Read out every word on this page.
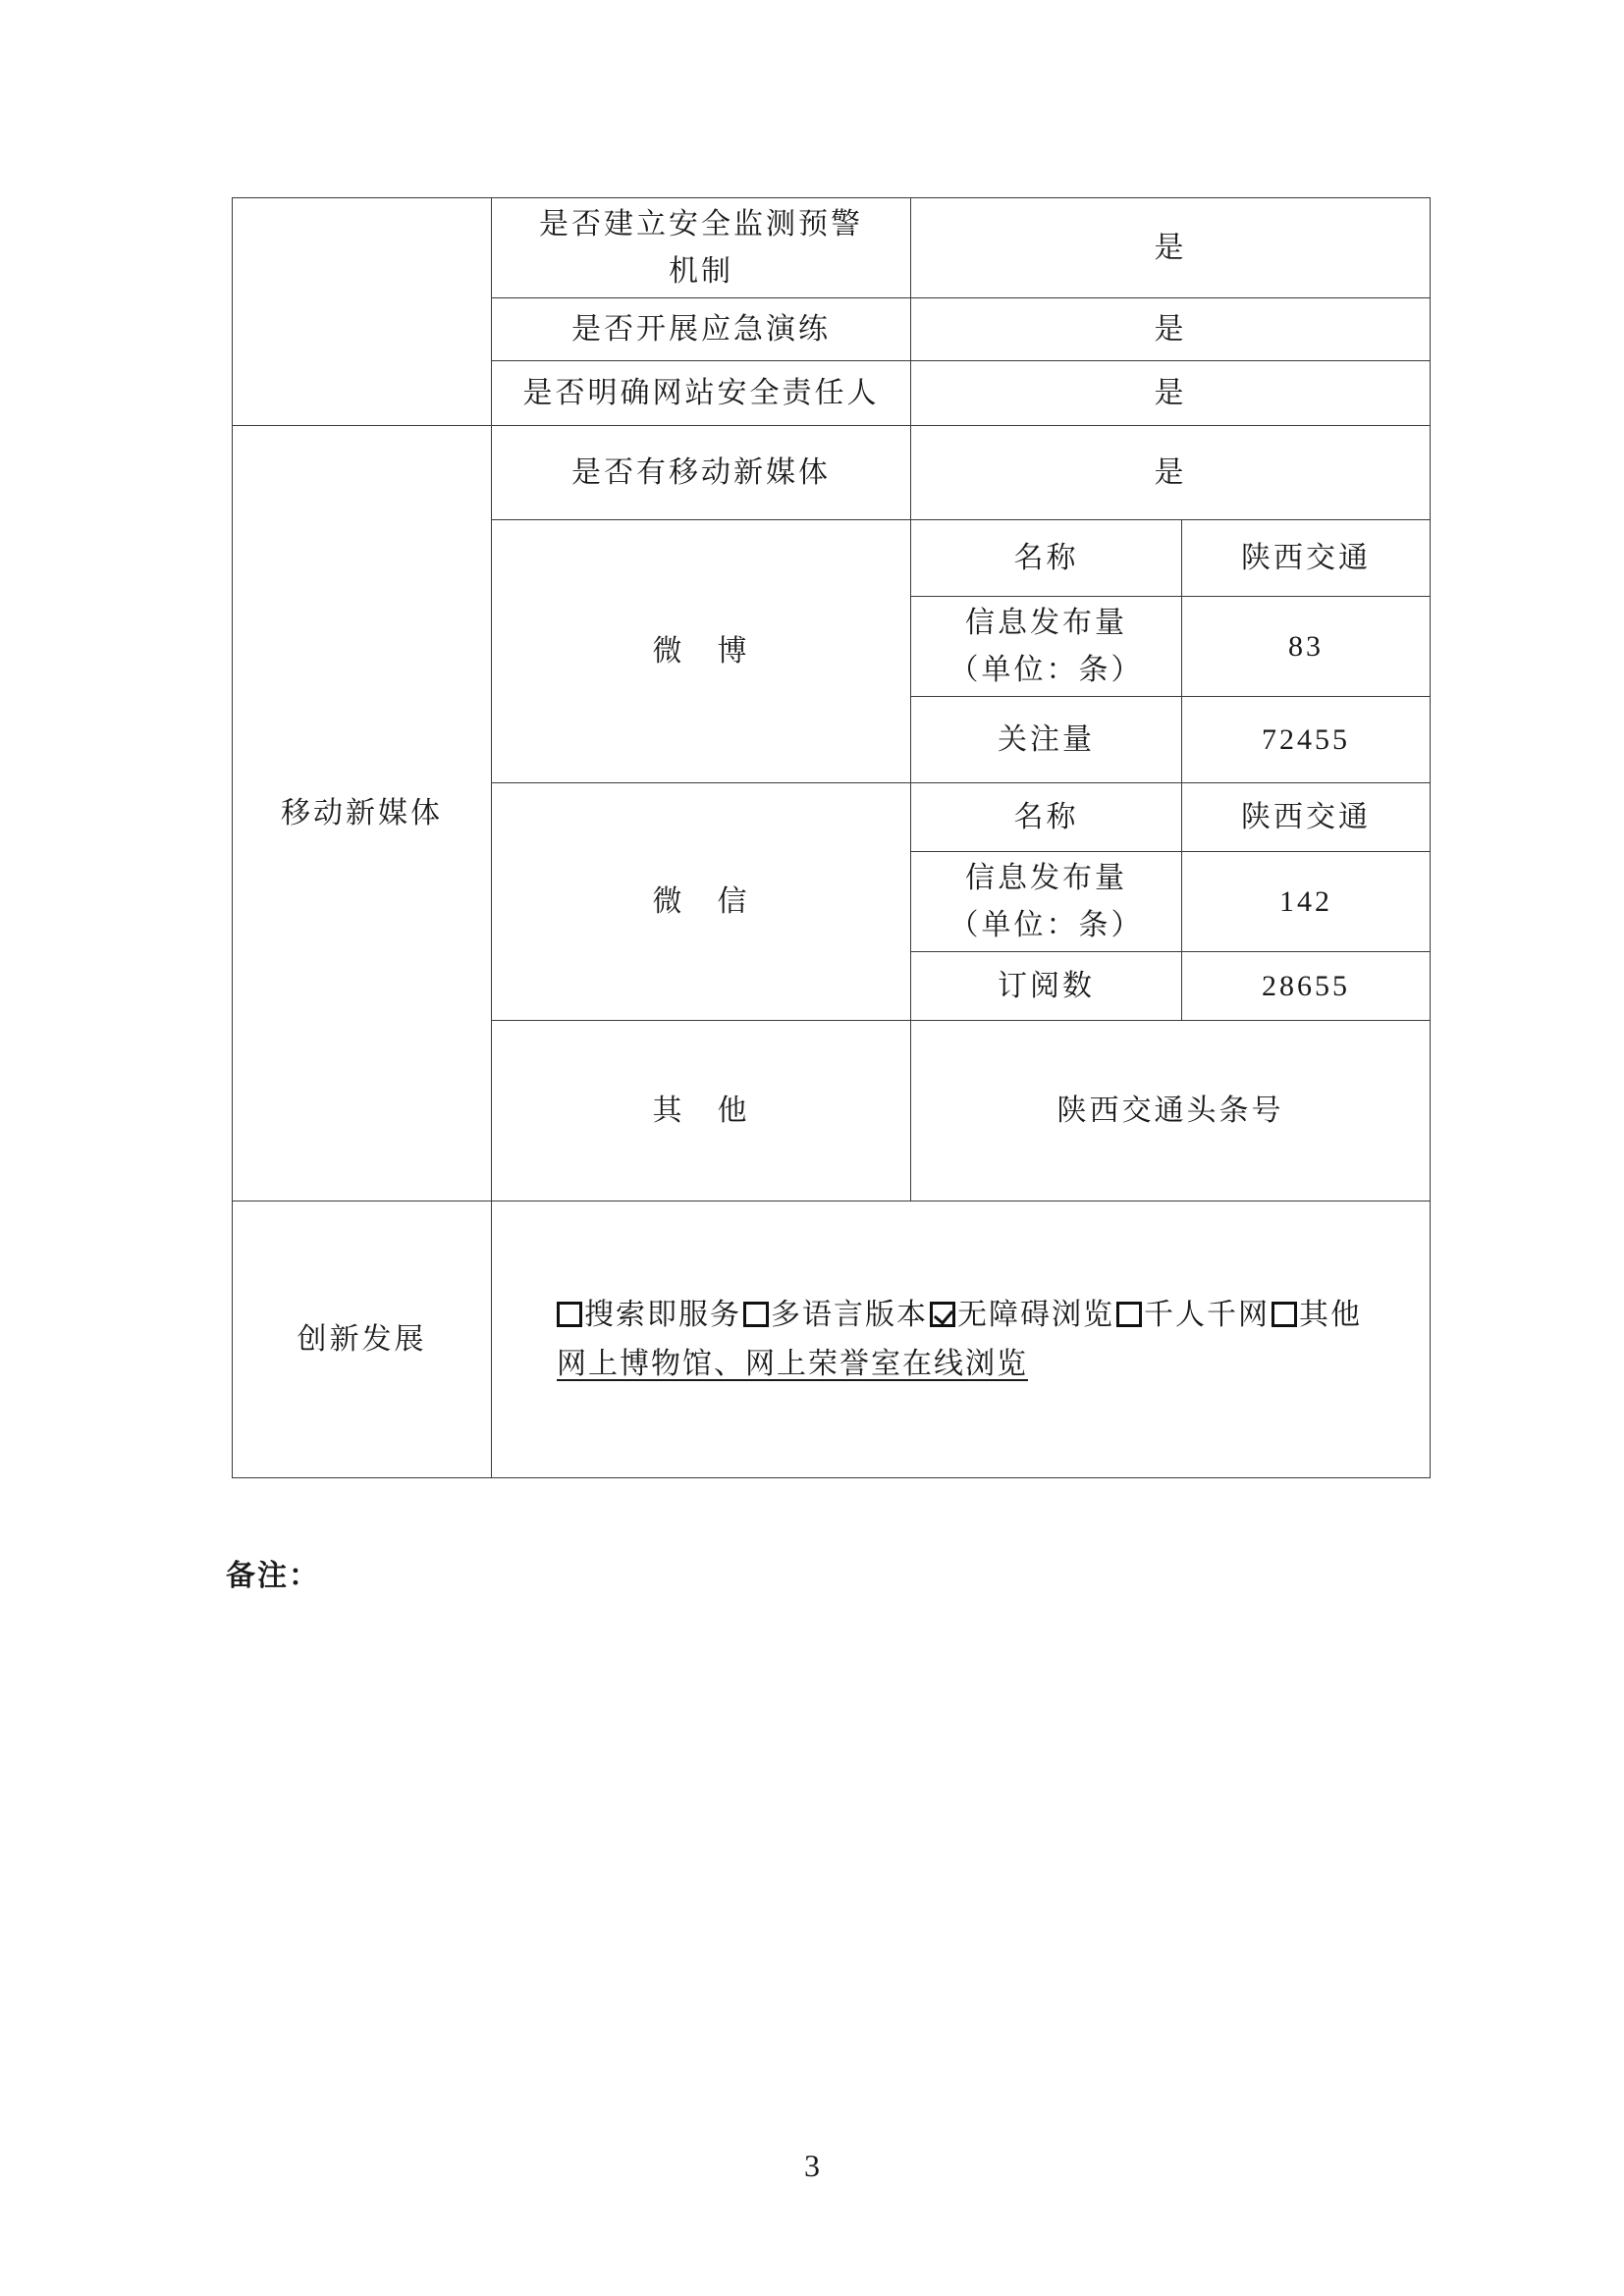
	是否建立安全监测预警机制	是	
	是否开展应急演练	是	
	是否明确网站安全责任人	是	
移动新媒体	是否有移动新媒体	是	
	微　博	名称	陕西交通
		信息发布量（单位：条）	83
		关注量	72455
	微　信	名称	陕西交通
		信息发布量（单位：条）	142
		订阅数	28655
	其　他	陕西交通头条号	
创新发展	搜索即服务 多语言版本 无障碍浏览 千人千网 其他
网上博物馆、网上荣誉室在线浏览		
备注：
3
